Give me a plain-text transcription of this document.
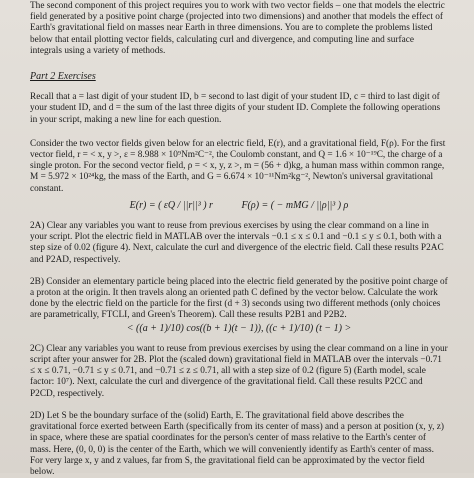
The second component of this project requires you to work with two vector fields – one that models the electric field generated by a positive point charge (projected into two dimensions) and another that models the effect of Earth's gravitational field on masses near Earth in three dimensions. You are to complete the problems listed below that entail plotting vector fields, calculating curl and divergence, and computing line and surface integrals using a variety of methods.

Part 2 Exercises

Recall that a = last digit of your student ID, b = second to last digit of your student ID, c = third to last digit of your student ID, and d = the sum of the last three digits of your student ID. Complete the following operations in your script, making a new line for each question.

Consider the two vector fields given below for an electric field, E(r), and a gravitational field, F(ρ). For the first vector field, r = < x, y >, ε = 8.988 × 10⁹Nm²C⁻², the Coulomb constant, and Q = 1.6 × 10⁻¹⁹C, the charge of a single proton. For the second vector field, ρ = < x, y, z >, m = (56 + d)kg, a human mass within common range, M = 5.972 × 10²⁴kg, the mass of the Earth, and G = 6.674 × 10⁻¹¹Nm²kg⁻², Newton's universal gravitational constant.

E(r) = ( εQ / ||r||³ ) r	F(ρ) = ( − mMG / ||ρ||³ ) ρ

2A) Clear any variables you want to reuse from previous exercises by using the clear command on a line in your script. Plot the electric field in MATLAB over the intervals −0.1 ≤ x ≤ 0.1 and −0.1 ≤ y ≤ 0.1, both with a step size of 0.02 (figure 4). Next, calculate the curl and divergence of the electric field. Call these results P2AC and P2AD, respectively.

2B) Consider an elementary particle being placed into the electric field generated by the positive point charge of a proton at the origin. It then travels along an oriented path C defined by the vector below. Calculate the work done by the electric field on the particle for the first (d + 3) seconds using two different methods (only choices are parametrically, FTCLI, and Green's Theorem). Call these results P2B1 and P2B2.

< ((a + 1)/10) cos((b + 1)(t − 1)), ((c + 1)/10) (t − 1) >

2C) Clear any variables you want to reuse from previous exercises by using the clear command on a line in your script after your answer for 2B. Plot the (scaled down) gravitational field in MATLAB over the intervals −0.71 ≤ x ≤ 0.71, −0.71 ≤ y ≤ 0.71, and −0.71 ≤ z ≤ 0.71, all with a step size of 0.2 (figure 5) (Earth model, scale factor: 10⁷). Next, calculate the curl and divergence of the gravitational field. Call these results P2CC and P2CD, respectively.

2D) Let S be the boundary surface of the (solid) Earth, E. The gravitational field above describes the gravitational force exerted between Earth (specifically from its center of mass) and a person at position (x, y, z) in space, where these are spatial coordinates for the person's center of mass relative to the Earth's center of mass. Here, (0, 0, 0) is the center of the Earth, which we will conveniently identify as Earth's center of mass. For very large x, y and z values, far from S, the gravitational field can be approximated by the vector field below.
